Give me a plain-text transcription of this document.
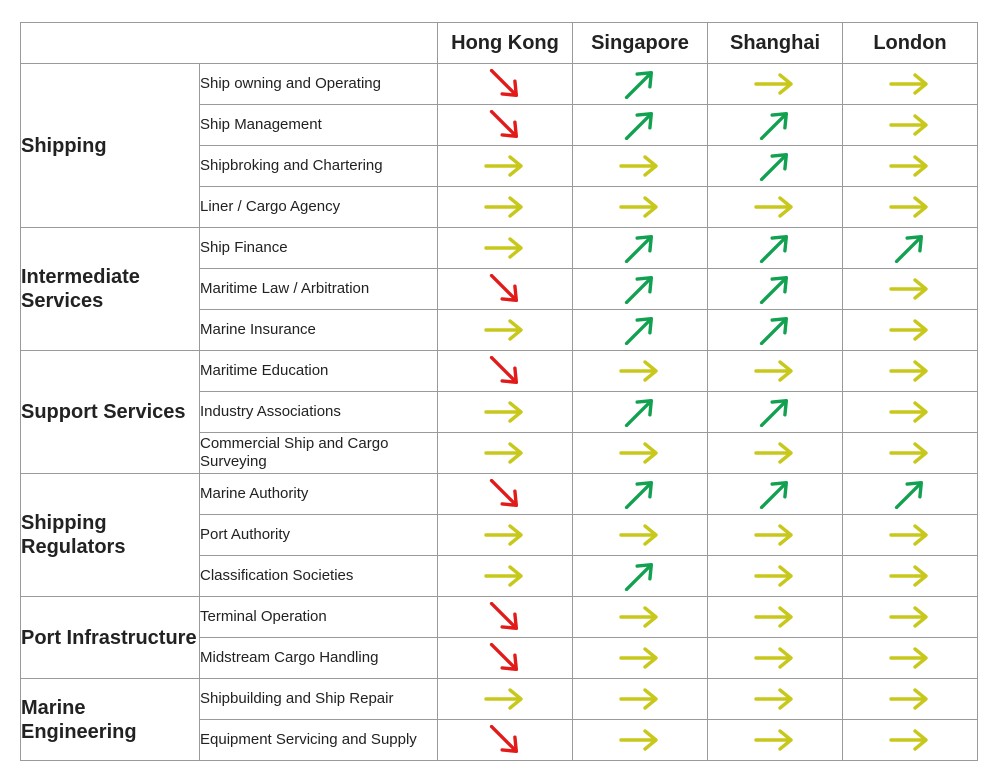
		Hong Kong	Singapore	Shanghai	London
Shipping	Ship owning and Operating	

	Ship Management	

	Shipbroking and Chartering	

	Liner / Cargo Agency	

Intermediate Services	Ship Finance	

	Maritime Law / Arbitration	

	Marine Insurance	

Support Services	Maritime Education	

	Industry Associations	

	Commercial Ship and Cargo Surveying	

Shipping Regulators	Marine Authority	

	Port Authority	

	Classification Societies	

Port Infrastructure	Terminal Operation	

	Midstream Cargo Handling	

Marine Engineering	Shipbuilding and Ship Repair	

	Equipment Servicing and Supply	
